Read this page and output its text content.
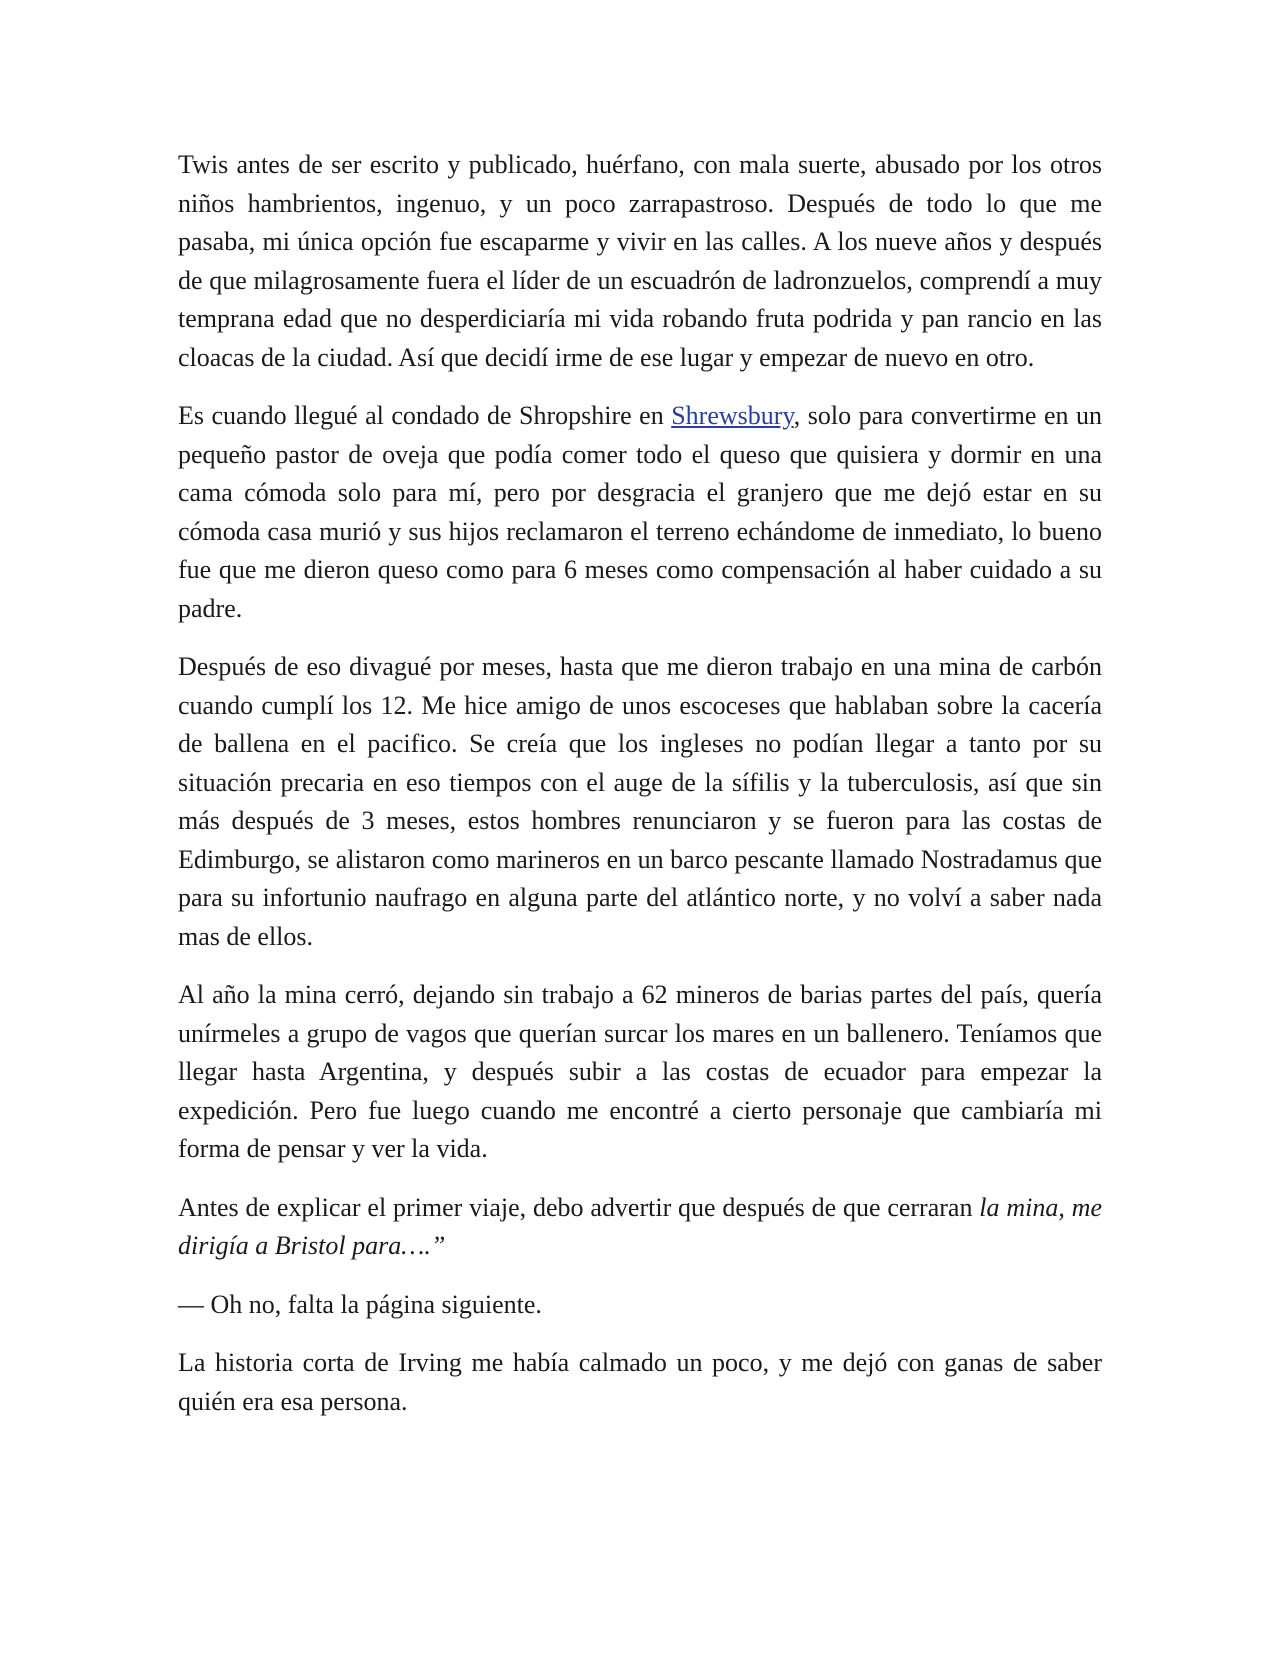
Twis antes de ser escrito y publicado, huérfano, con mala suerte, abusado por los otros niños hambrientos, ingenuo, y un poco zarrapastroso. Después de todo lo que me pasaba, mi única opción fue escaparme y vivir en las calles. A los nueve años y después de que milagrosamente fuera el líder de un escuadrón de ladronzuelos, comprendí a muy temprana edad que no desperdiciaría mi vida robando fruta podrida y pan rancio en las cloacas de la ciudad. Así que decidí irme de ese lugar y empezar de nuevo en otro.

Es cuando llegué al condado de Shropshire en Shrewsbury, solo para convertirme en un pequeño pastor de oveja que podía comer todo el queso que quisiera y dormir en una cama cómoda solo para mí, pero por desgracia el granjero que me dejó estar en su cómoda casa murió y sus hijos reclamaron el terreno echándome de inmediato, lo bueno fue que me dieron queso como para 6 meses como compensación al haber cuidado a su padre.

Después de eso divagué por meses, hasta que me dieron trabajo en una mina de carbón cuando cumplí los 12. Me hice amigo de unos escoceses que hablaban sobre la cacería de ballena en el pacifico. Se creía que los ingleses no podían llegar a tanto por su situación precaria en eso tiempos con el auge de la sífilis y la tuberculosis, así que sin más después de 3 meses, estos hombres renunciaron y se fueron para las costas de Edimburgo, se alistaron como marineros en un barco pescante llamado Nostradamus que para su infortunio naufrago en alguna parte del atlántico norte, y no volví a saber nada mas de ellos.

Al año la mina cerró, dejando sin trabajo a 62 mineros de barias partes del país, quería unírmeles a grupo de vagos que querían surcar los mares en un ballenero. Teníamos que llegar hasta Argentina, y después subir a las costas de ecuador para empezar la expedición. Pero fue luego cuando me encontré a cierto personaje que cambiaría mi forma de pensar y ver la vida.

Antes de explicar el primer viaje, debo advertir que después de que cerraran la mina, me dirigía a Bristol para….”

— Oh no, falta la página siguiente.

La historia corta de Irving me había calmado un poco, y me dejó con ganas de saber quién era esa persona.
